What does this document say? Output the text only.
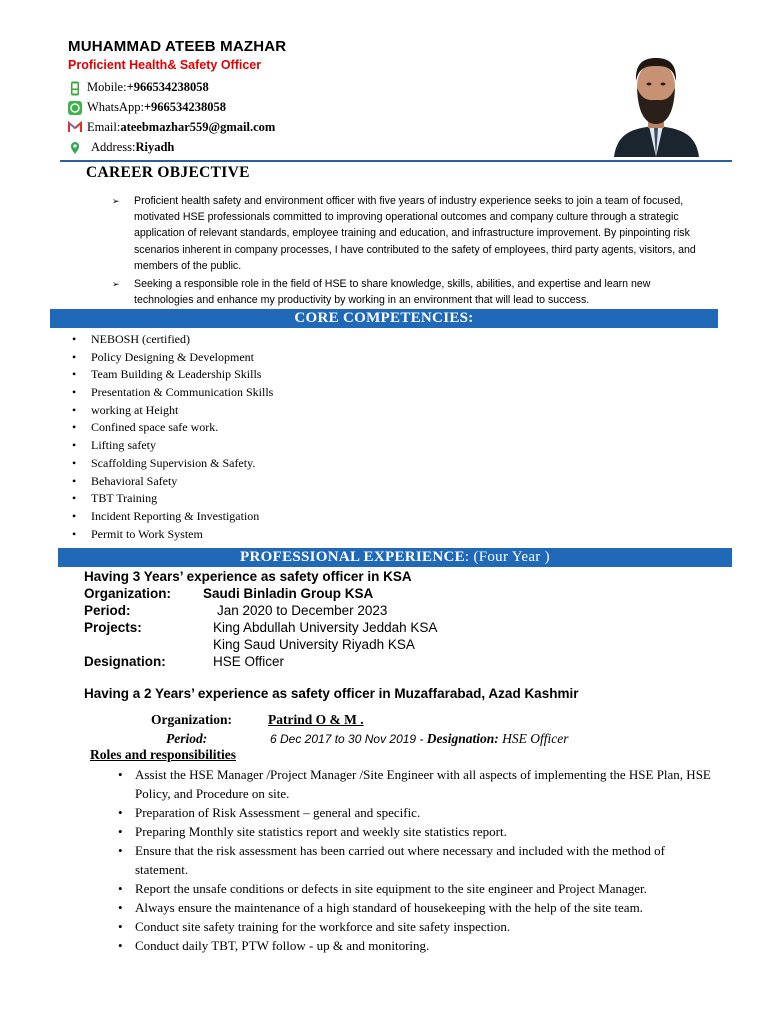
MUHAMMAD ATEEB MAZHAR
Proficient Health& Safety Officer
Mobile: +966534238058
WhatsApp: +966534238058
Email: ateebmazhar559@gmail.com
Address: Riyadh
CAREER OBJECTIVE
➢ Proficient health safety and environment officer with five years of industry experience seeks to join a team of focused, motivated HSE professionals committed to improving operational outcomes and company culture through a strategic application of relevant standards, employee training and education, and infrastructure improvement. By pinpointing risk scenarios inherent in company processes, I have contributed to the safety of employees, third party agents, visitors, and members of the public.
➢ Seeking a responsible role in the field of HSE to share knowledge, skills, abilities, and expertise and learn new technologies and enhance my productivity by working in an environment that will lead to success.
CORE COMPETENCIES:
• NEBOSH (certified)
• Policy Designing & Development
• Team Building & Leadership Skills
• Presentation & Communication Skills
• working at Height
• Confined space safe work.
• Lifting safety
• Scaffolding Supervision & Safety.
• Behavioral Safety
• TBT Training
• Incident Reporting & Investigation
• Permit to Work System
PROFESSIONAL EXPERIENCE: (Four Year )
Having 3 Years’ experience as safety officer in KSA
Organization: Saudi Binladin Group KSA
Period:	Jan 2020 to December 2023
Projects:	King Abdullah University Jeddah KSA
King Saud University Riyadh KSA
Designation:	HSE Officer
Having a 2 Years’ experience as safety officer in Muzaffarabad, Azad Kashmir
Organization:	Patrind O & M .
Period:	6 Dec 2017 to 30 Nov 2019 - Designation: HSE Officer
Roles and responsibilities
• Assist the HSE Manager /Project Manager /Site Engineer with all aspects of implementing the HSE Plan, HSE Policy, and Procedure on site.
• Preparation of Risk Assessment – general and specific.
• Preparing Monthly site statistics report and weekly site statistics report.
• Ensure that the risk assessment has been carried out where necessary and included with the method of statement.
• Report the unsafe conditions or defects in site equipment to the site engineer and Project Manager.
• Always ensure the maintenance of a high standard of housekeeping with the help of the site team.
• Conduct site safety training for the workforce and site safety inspection.
• Conduct daily TBT, PTW follow - up & and monitoring.
